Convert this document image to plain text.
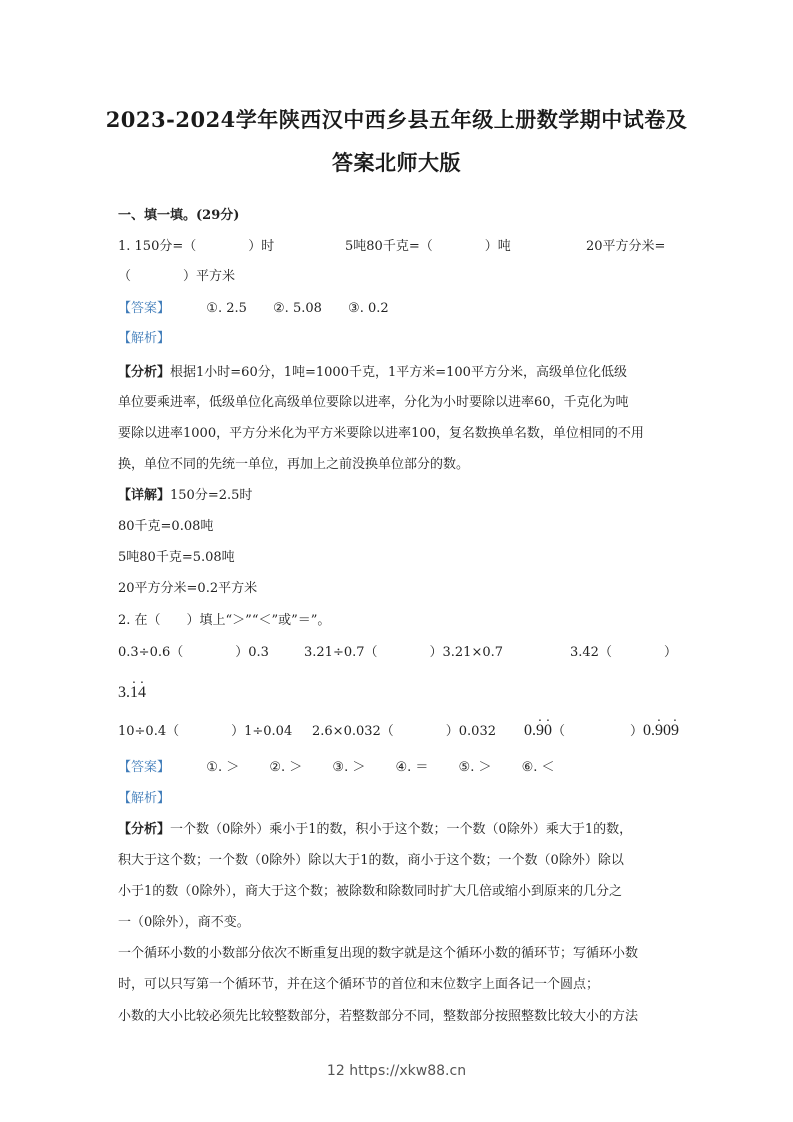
2023-2024学年陕西汉中西乡县五年级上册数学期中试卷及
答案北师大版
一、填一填。(29分)
1. 150分=（　　　　）时	5吨80千克=（　　　　）吨	20平方分米=
（　　　　）平方米
【答案】	①. 2.5 ②. 5.08 ③. 0.2
【解析】
【分析】根据1小时=60分，1吨=1000千克，1平方米=100平方分米，高级单位化低级
单位要乘进率，低级单位化高级单位要除以进率，分化为小时要除以进率60，千克化为吨
要除以进率1000，平方分米化为平方米要除以进率100，复名数换单名数，单位相同的不用
换，单位不同的先统一单位，再加上之前没换单位部分的数。
【详解】150分=2.5时
80千克=0.08吨
5吨80千克=5.08吨
20平方分米=0.2平方米
2. 在（　　）填上“＞”“＜”或”＝”。
0.3÷0.6（　　　　）0.3	3.21÷0.7（　　　　）3.21×0.7	3.42（　　　　）
3.· 1· 4
10÷0.4（　　　　）1÷0.04 2.6×0.032（　　　　）0.032 0.· 9· 0（　　　　　）0.· 90· 9
【答案】	①. ＞ ②. ＞ ③. ＞ ④. ＝ ⑤. ＞ ⑥. ＜
【解析】
【分析】一个数（0除外）乘小于1的数，积小于这个数；一个数（0除外）乘大于1的数，
积大于这个数；一个数（0除外）除以大于1的数，商小于这个数；一个数（0除外）除以
小于1的数（0除外），商大于这个数；被除数和除数同时扩大几倍或缩小到原来的几分之
一（0除外），商不变。
一个循环小数的小数部分依次不断重复出现的数字就是这个循环小数的循环节；写循环小数
时，可以只写第一个循环节，并在这个循环节的首位和末位数字上面各记一个圆点；
小数的大小比较必须先比较整数部分，若整数部分不同，整数部分按照整数比较大小的方法
12 https://xkw88.cn
